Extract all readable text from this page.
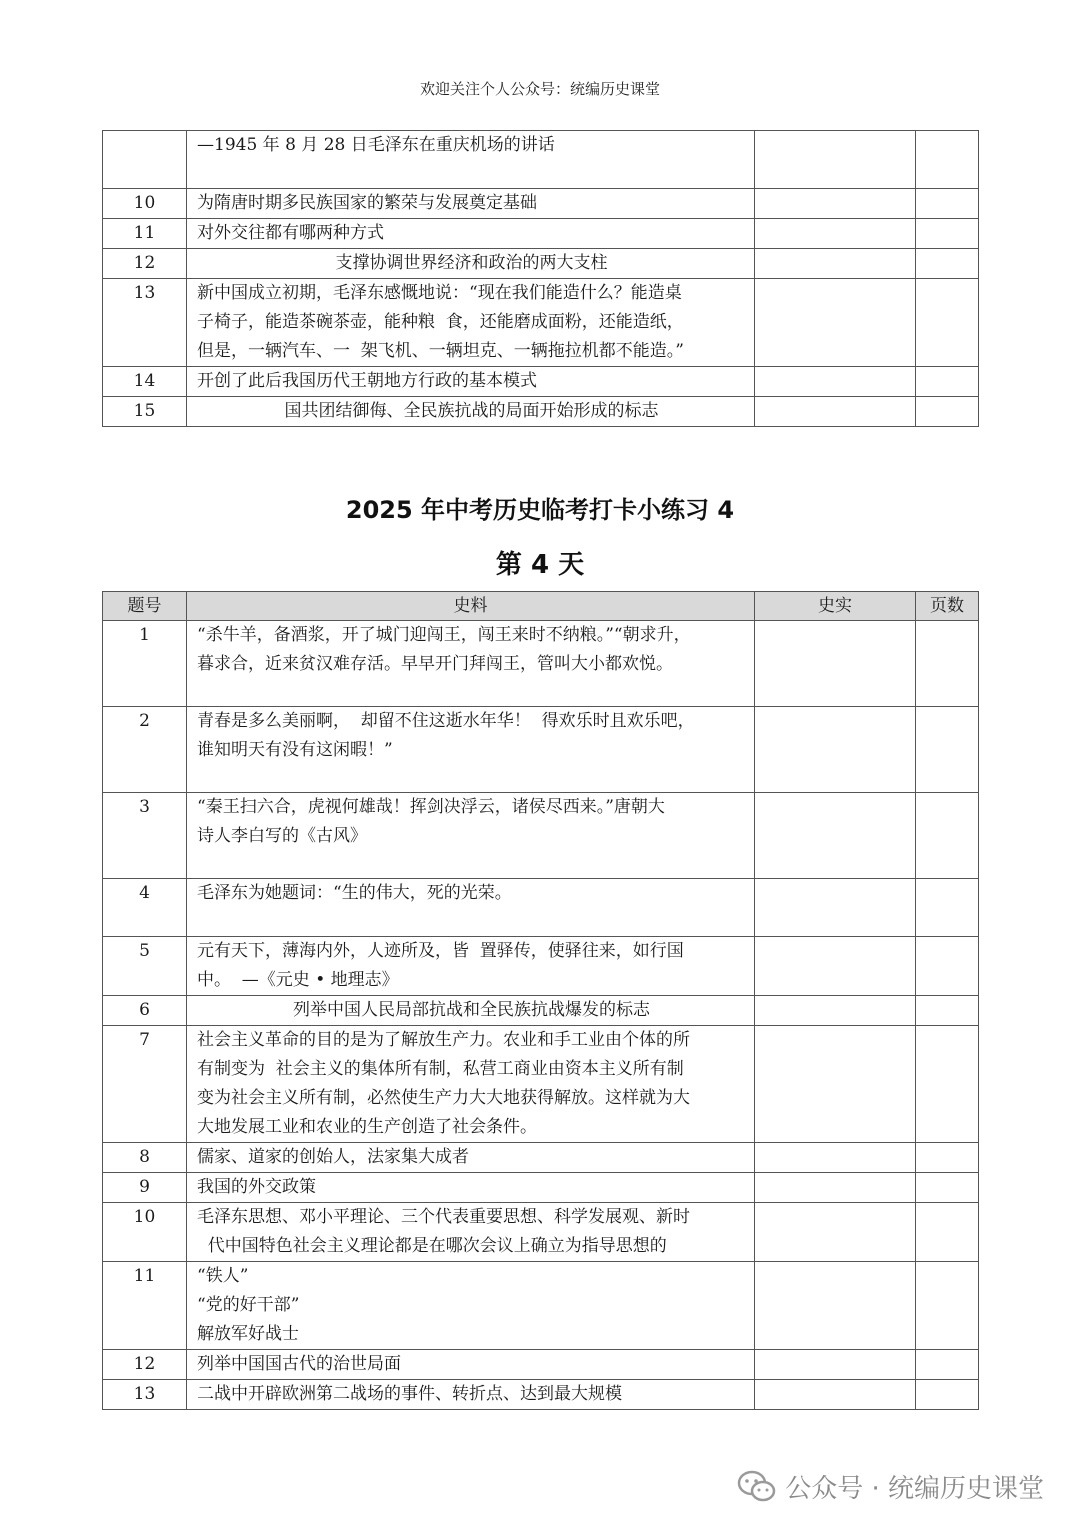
欢迎关注个人公众号：统编历史课堂

	—1945 年 8 月 28 日毛泽东在重庆机场的讲话		

10	为隋唐时期多民族国家的繁荣与发展奠定基础		

11	对外交往都有哪两种方式		

12	支撑协调世界经济和政治的两大支柱		

13	新中国成立初期，毛泽东感慨地说：“现在我们能造什么？能造桌
子椅子，能造茶碗茶壶，能种粮  食，还能磨成面粉，还能造纸，
但是，一辆汽车、一  架飞机、一辆坦克、一辆拖拉机都不能造。”		

14	开创了此后我国历代王朝地方行政的基本模式		

15	国共团结御侮、全民族抗战的局面开始形成的标志		

2025 年中考历史临考打卡小练习 4
第 4 天
题号	史料	史实	页数
1	“杀牛羊，备酒浆，开了城门迎闯王，闯王来时不纳粮。”“朝求升，
暮求合，近来贫汉难存活。早早开门拜闯王，管叫大小都欢悦。		

2	青春是多么美丽啊，  却留不住这逝水年华！  得欢乐时且欢乐吧，
谁知明天有没有这闲暇！”		

3	“秦王扫六合，虎视何雄哉！挥剑决浮云，诸侯尽西来。”唐朝大
诗人李白写的《古风》		

4	毛泽东为她题词：“生的伟大，死的光荣。		

5	元有天下，薄海内外，人迹所及，皆  置驿传，使驿往来，如行国
中。  —《元史 • 地理志》		

6	列举中国人民局部抗战和全民族抗战爆发的标志		

7	社会主义革命的目的是为了解放生产力。农业和手工业由个体的所
有制变为  社会主义的集体所有制，私营工商业由资本主义所有制
变为社会主义所有制，必然使生产力大大地获得解放。这样就为大
大地发展工业和农业的生产创造了社会条件。		

8	儒家、道家的创始人，法家集大成者		

9	我国的外交政策		

10	毛泽东思想、邓小平理论、三个代表重要思想、科学发展观、新时
代中国特色社会主义理论都是在哪次会议上确立为指导思想的		

11	“铁人”
“党的好干部”
解放军好战士		

12	列举中国国古代的治世局面		

13	二战中开辟欧洲第二战场的事件、转折点、达到最大规模		

公众号 · 统编历史课堂
